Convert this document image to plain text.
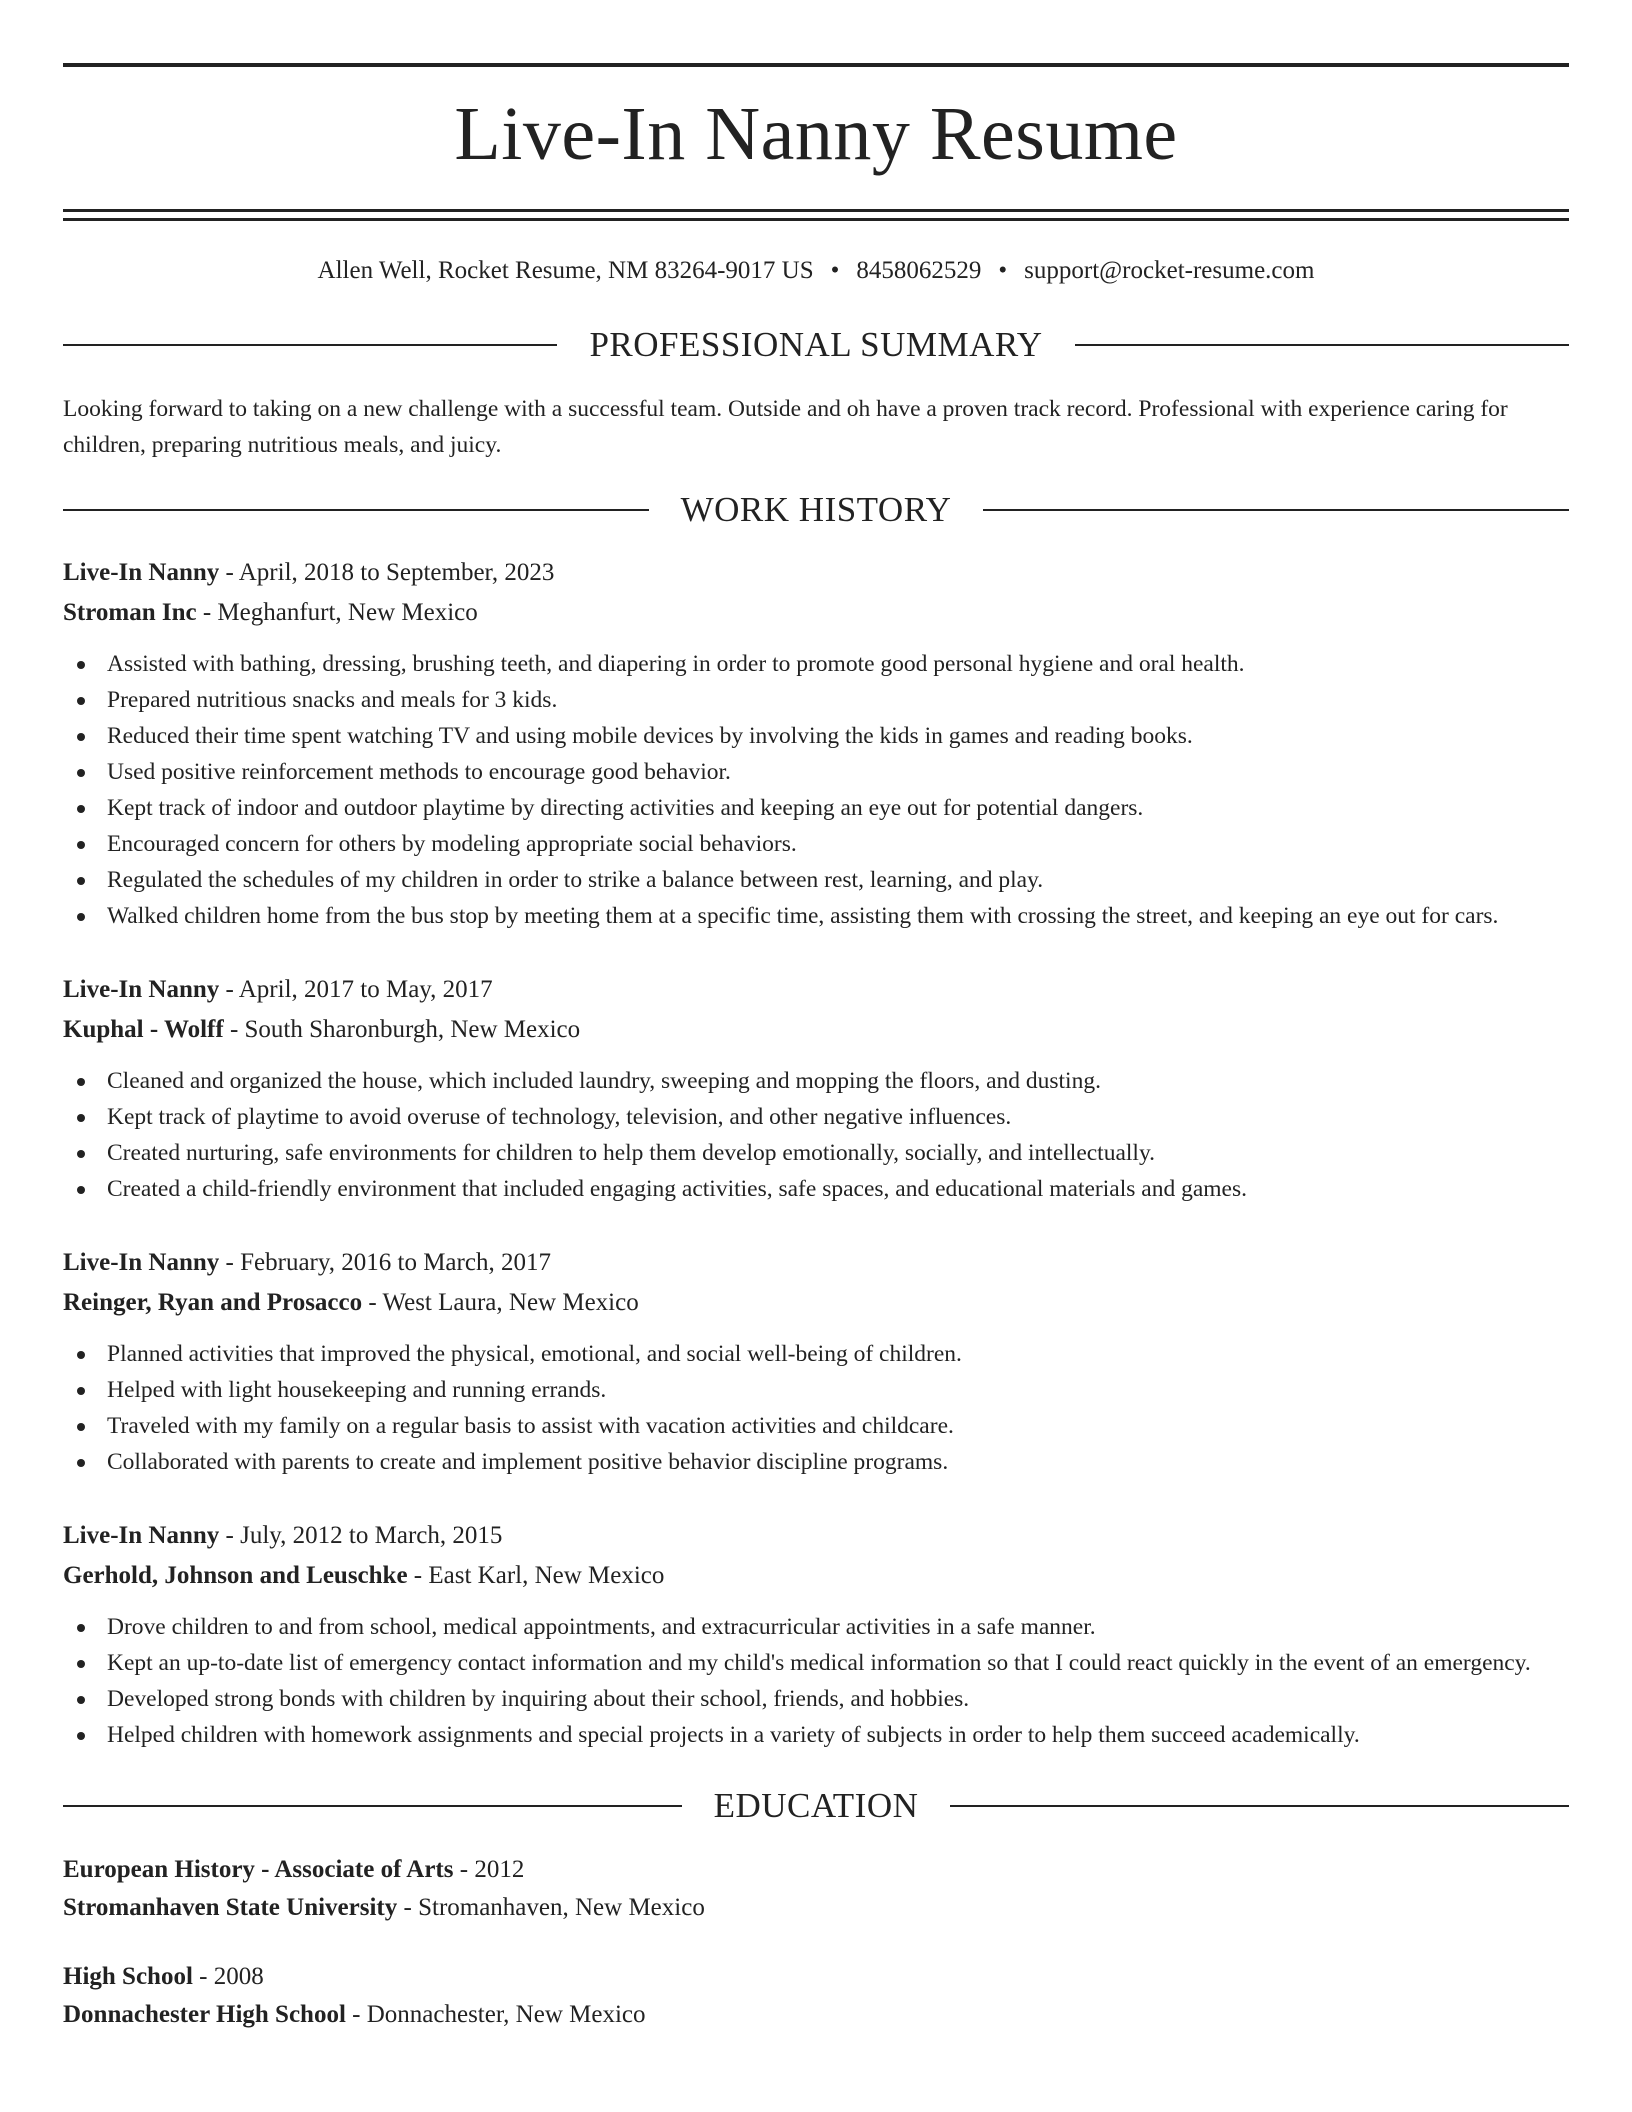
Live-In Nanny Resume
Allen Well, Rocket Resume, NM 83264-9017 US • 8458062529 • support@rocket-resume.com
PROFESSIONAL SUMMARY

Looking forward to taking on a new challenge with a successful team. Outside and oh have a proven track record. Professional with experience caring for children, preparing nutritious meals, and juicy.

WORK HISTORY
Live-In Nanny - April, 2018 to September, 2023
Stroman Inc - Meghanfurt, New Mexico
Assisted with bathing, dressing, brushing teeth, and diapering in order to promote good personal hygiene and oral health.
Prepared nutritious snacks and meals for 3 kids.
Reduced their time spent watching TV and using mobile devices by involving the kids in games and reading books.
Used positive reinforcement methods to encourage good behavior.
Kept track of indoor and outdoor playtime by directing activities and keeping an eye out for potential dangers.
Encouraged concern for others by modeling appropriate social behaviors.
Regulated the schedules of my children in order to strike a balance between rest, learning, and play.
Walked children home from the bus stop by meeting them at a specific time, assisting them with crossing the street, and keeping an eye out for cars.
Live-In Nanny - April, 2017 to May, 2017
Kuphal - Wolff - South Sharonburgh, New Mexico
Cleaned and organized the house, which included laundry, sweeping and mopping the floors, and dusting.
Kept track of playtime to avoid overuse of technology, television, and other negative influences.
Created nurturing, safe environments for children to help them develop emotionally, socially, and intellectually.
Created a child-friendly environment that included engaging activities, safe spaces, and educational materials and games.
Live-In Nanny - February, 2016 to March, 2017
Reinger, Ryan and Prosacco - West Laura, New Mexico
Planned activities that improved the physical, emotional, and social well-being of children.
Helped with light housekeeping and running errands.
Traveled with my family on a regular basis to assist with vacation activities and childcare.
Collaborated with parents to create and implement positive behavior discipline programs.
Live-In Nanny - July, 2012 to March, 2015
Gerhold, Johnson and Leuschke - East Karl, New Mexico
Drove children to and from school, medical appointments, and extracurricular activities in a safe manner.
Kept an up-to-date list of emergency contact information and my child's medical information so that I could react quickly in the event of an emergency.
Developed strong bonds with children by inquiring about their school, friends, and hobbies.
Helped children with homework assignments and special projects in a variety of subjects in order to help them succeed academically.
EDUCATION
European History - Associate of Arts - 2012
Stromanhaven State University - Stromanhaven, New Mexico
High School - 2008
Donnachester High School - Donnachester, New Mexico
